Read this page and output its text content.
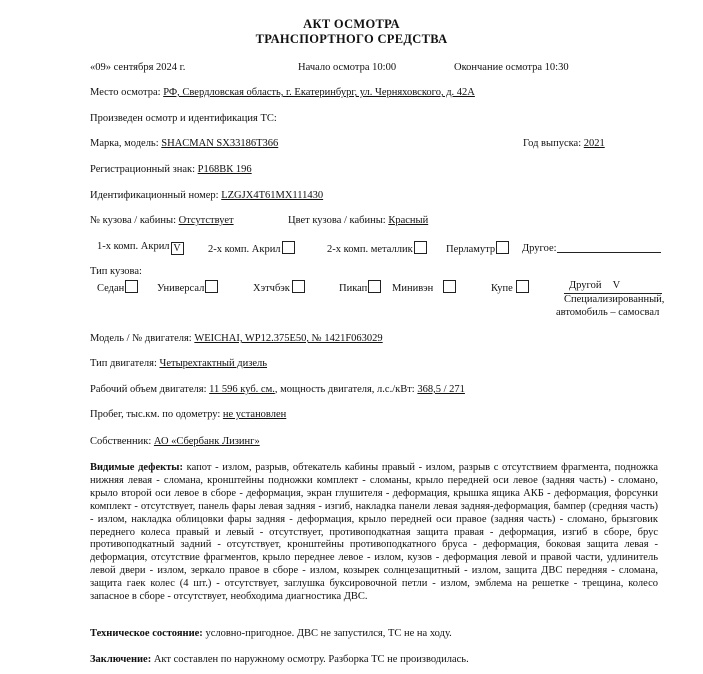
АКТ ОСМОТРА
ТРАНСПОРТНОГО СРЕДСТВА
«09» сентября 2024 г.	Начало осмотра 10:00	Окончание осмотра 10:30
Место осмотра: РФ, Свердловская область, г. Екатеринбург, ул. Черняховского, д. 42А
Произведен осмотр и идентификация ТС:
Марка, модель: SHACMAN SX33186T366	Год выпуска: 2021
Регистрационный знак: Р168ВК 196
Идентификационный номер: LZGJX4T61MX111430
№ кузова / кабины: Отсутствует	Цвет кузова / кабины: Красный
1-х комп. Акрил V	2-х комп. Акрил	2-х комп. металлик	Перламутр	Другое:
Тип кузова:
Седан	Универсал	Хэтчбэк	Пикап	Минивэн	Купе	Другой V
Специализированный,
автомобиль – самосвал
Модель / № двигателя: WEICHAI, WP12.375E50, № 1421F063029
Тип двигателя: Четырехтактный дизель
Рабочий объем двигателя: 11 596 куб. см., мощность двигателя, л.с./кВт: 368,5 / 271
Пробег, тыс.км. по одометру: не установлен
Собственник: АО «Сбербанк Лизинг»
Видимые дефекты: капот - излом, разрыв, обтекатель кабины правый - излом, разрыв с отсутствием фрагмента, подножка нижняя левая - сломана, кронштейны подножки комплект - сломаны, крыло передней оси левое (задняя часть) - сломано, крыло второй оси левое в сборе - деформация, экран глушителя - деформация, крышка ящика АКБ - деформация, форсунки комплект - отсутствует, панель фары левая задняя - изгиб, накладка панели левая задняя-деформация, бампер (средняя часть) - излом, накладка облицовки фары задняя - деформация, крыло передней оси правое (задняя часть) - сломано, брызговик переднего колеса правый и левый - отсутствует, противоподкатная защита правая - деформация, изгиб в сборе, брус противоподкатный задний - отсутствует, кронштейны противоподкатного бруса - деформация, боковая защита левая - деформация, отсутствие фрагментов, крыло переднее левое - излом, кузов - деформация левой и правой части, удлинитель левой двери - излом, зеркало правое в сборе - излом, козырек солнцезащитный - излом, защита ДВС передняя - сломана, защита гаек колес (4 шт.) - отсутствует, заглушка буксировочной петли - излом, эмблема на решетке - трещина, колесо запасное в сборе - отсутствует, необходима диагностика ДВС.
Техническое состояние: условно-пригодное. ДВС не запустился, ТС не на ходу.
Заключение: Акт составлен по наружному осмотру. Разборка ТС не производилась.
